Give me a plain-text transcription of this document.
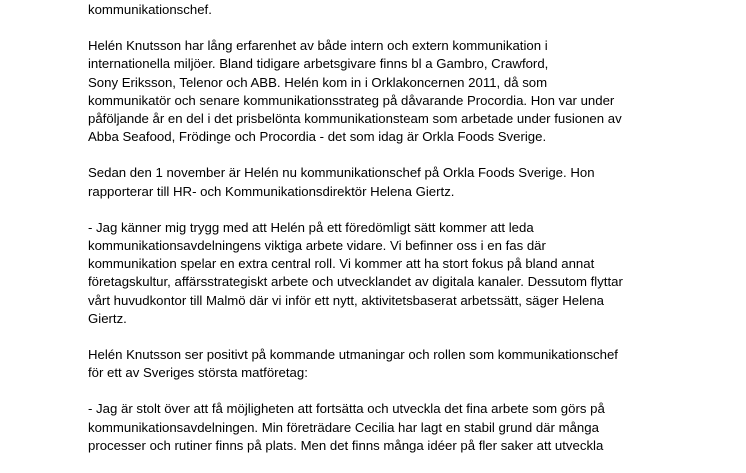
kommunikationschef.
Helén Knutsson har lång erfarenhet av både intern och extern kommunikation i
internationella miljöer. Bland tidigare arbetsgivare finns bl a Gambro, Crawford,
Sony Eriksson, Telenor och ABB. Helén kom in i Orklakoncernen 2011, då som
kommunikatör och senare kommunikationsstrateg på dåvarande Procordia. Hon var under
påföljande år en del i det prisbelönta kommunikationsteam som arbetade under fusionen av
Abba Seafood, Frödinge och Procordia - det som idag är Orkla Foods Sverige.
Sedan den 1 november är Helén nu kommunikationschef på Orkla Foods Sverige. Hon
rapporterar till HR- och Kommunikationsdirektör Helena Giertz.
- Jag känner mig trygg med att Helén på ett föredömligt sätt kommer att leda
kommunikationsavdelningens viktiga arbete vidare. Vi befinner oss i en fas där
kommunikation spelar en extra central roll. Vi kommer att ha stort fokus på bland annat
företagskultur, affärsstrategiskt arbete och utvecklandet av digitala kanaler. Dessutom flyttar
vårt huvudkontor till Malmö där vi inför ett nytt, aktivitetsbaserat arbetssätt, säger Helena
Giertz.
Helén Knutsson ser positivt på kommande utmaningar och rollen som kommunikationschef
för ett av Sveriges största matföretag:
- Jag är stolt över att få möjligheten att fortsätta och utveckla det fina arbete som görs på
kommunikationsavdelningen. Min företrädare Cecilia har lagt en stabil grund där många
processer och rutiner finns på plats. Men det finns många idéer på fler saker att utveckla
